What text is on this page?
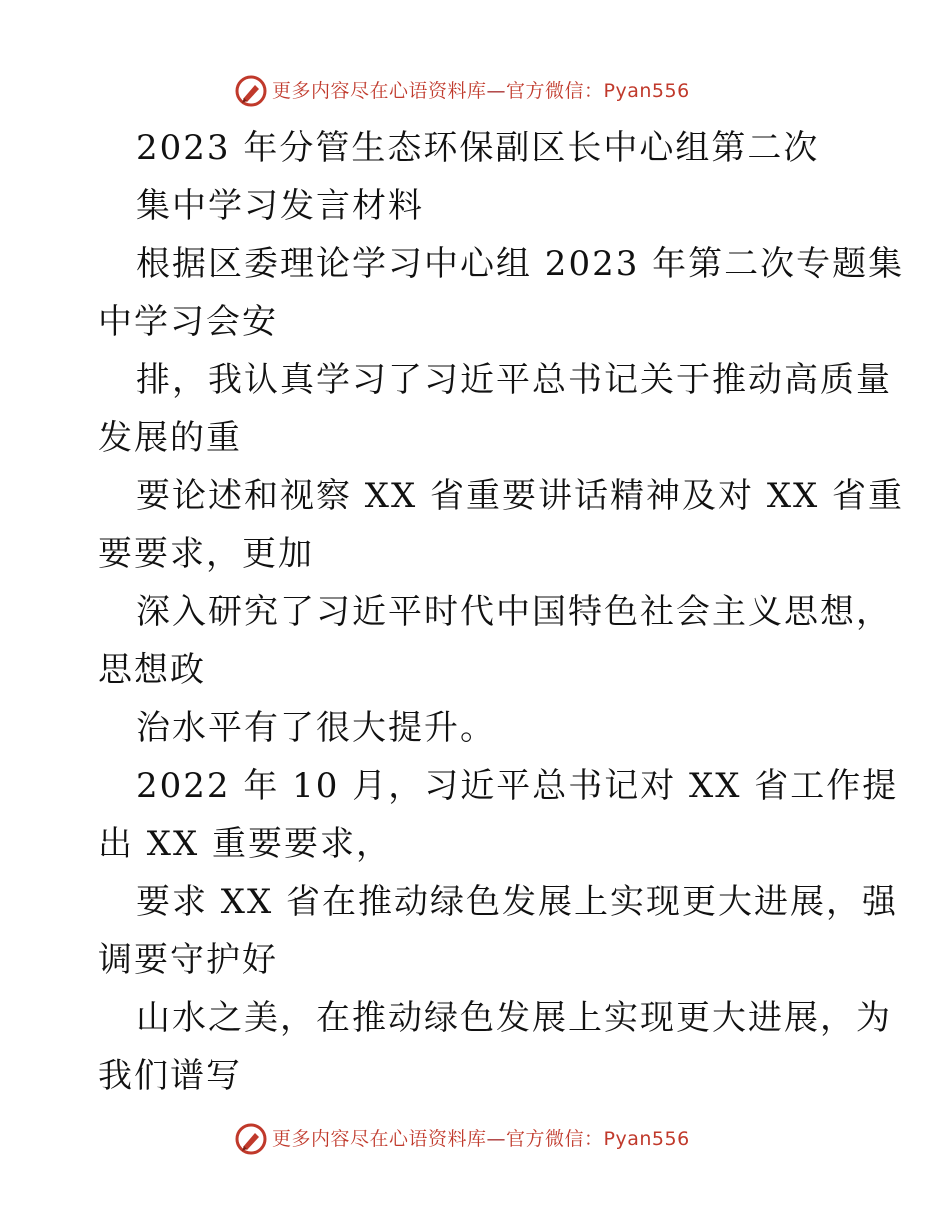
更多内容尽在心语资料库—官方微信：Pyan556
2023 年分管生态环保副区长中心组第二次
集中学习发言材料
根据区委理论学习中心组 2023 年第二次专题集
中学习会安
排，我认真学习了习近平总书记关于推动高质量
发展的重
要论述和视察 XX 省重要讲话精神及对 XX 省重
要要求，更加
深入研究了习近平时代中国特色社会主义思想，
思想政
治水平有了很大提升。
2022 年 10 月，习近平总书记对 XX 省工作提
出 XX 重要要求，
要求 XX 省在推动绿色发展上实现更大进展，强
调要守护好
山水之美，在推动绿色发展上实现更大进展，为
我们谱写
更多内容尽在心语资料库—官方微信：Pyan556
